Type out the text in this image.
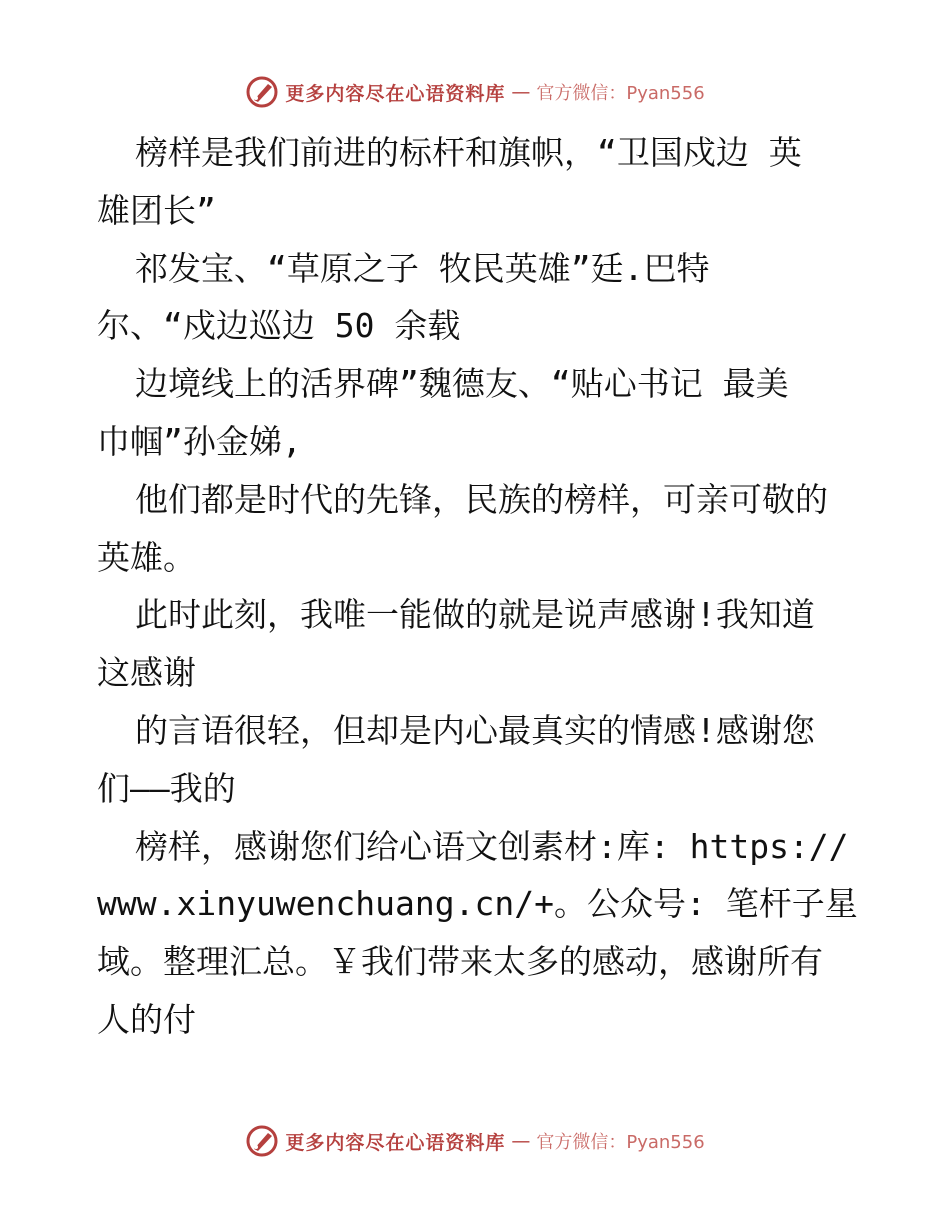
更多内容尽在心语资料库 — 官方微信：Pyan556
榜样是我们前进的标杆和旗帜，“卫国戍边 英
雄团长”
祁发宝、“草原之子 牧民英雄”廷.巴特
尔、“戍边巡边 50 余载
边境线上的活界碑”魏德友、“贴心书记 最美
巾帼”孙金娣,
他们都是时代的先锋，民族的榜样，可亲可敬的
英雄。
此时此刻，我唯一能做的就是说声感谢!我知道
这感谢
的言语很轻，但却是内心最真实的情感!感谢您
们——我的
榜样，感谢您们给心语文创素材:库: https://
www.xinyuwenchuang.cn/+。公众号: 笔杆子星
域。整理汇总。￥我们带来太多的感动，感谢所有
人的付
更多内容尽在心语资料库 — 官方微信：Pyan556
